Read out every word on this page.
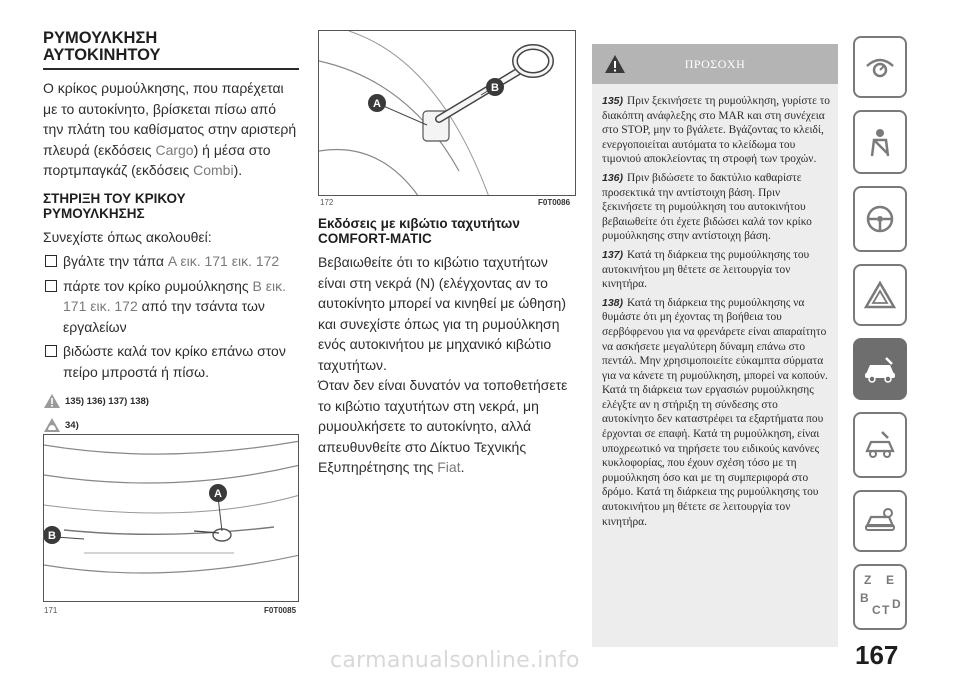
ΡΥΜΟΥΛΚΗΣΗ
ΑΥΤΟΚΙΝΗΤΟΥ

Ο κρίκος ρυμούλκησης, που παρέχεται με το αυτοκίνητο, βρίσκεται πίσω από την πλάτη του καθίσματος στην αριστερή πλευρά (εκδόσεις Cargo) ή μέσα στο πορτμπαγκάζ (εκδόσεις Combi).

ΣΤΗΡΙΞΗ ΤΟΥ ΚΡΙΚΟΥ
ΡΥΜΟΥΛΚΗΣΗΣ

Συνεχίστε όπως ακολουθεί:

βγάλτε την τάπα A εικ. 171 εικ. 172
πάρτε τον κρίκο ρυμούλκησης B εικ. 171 εικ. 172 από την τσάντα των εργαλείων
βιδώστε καλά τον κρίκο επάνω στον πείρο μπροστά ή πίσω.
135) 136) 137) 138)
34)
A
B
171	F0T0085
A
B
172	F0T0086
Εκδόσεις με κιβώτιο ταχυτήτων
COMFORT-MATIC

Βεβαιωθείτε ότι το κιβώτιο ταχυτήτων είναι στη νεκρά (N) (ελέγχοντας αν το αυτοκίνητο μπορεί να κινηθεί με ώθηση) και συνεχίστε όπως για τη ρυμούλκηση ενός αυτοκινήτου με μηχανικό κιβώτιο ταχυτήτων.

Όταν δεν είναι δυνατόν να τοποθετήσετε το κιβώτιο ταχυτήτων στη νεκρά, μη ρυμουλκήσετε το αυτοκίνητο, αλλά απευθυνθείτε στο Δίκτυο Τεχνικής Εξυπηρέτησης της Fiat.

ΠΡΟΣΟΧΗ

135) Πριν ξεκινήσετε τη ρυμούλκηση, γυρίστε το διακόπτη ανάφλεξης στο MAR και στη συνέχεια στο STOP, μην το βγάλετε. Βγάζοντας το κλειδί, ενεργοποιείται αυτόματα το κλείδωμα του τιμονιού αποκλείοντας τη στροφή των τροχών.

136) Πριν βιδώσετε το δακτύλιο καθαρίστε προσεκτικά την αντίστοιχη βάση. Πριν ξεκινήσετε τη ρυμούλκηση του αυτοκινήτου βεβαιωθείτε ότι έχετε βιδώσει καλά τον κρίκο ρυμούλκησης στην αντίστοιχη βάση.

137) Κατά τη διάρκεια της ρυμούλκησης του αυτοκινήτου μη θέτετε σε λειτουργία τον κινητήρα.

138) Κατά τη διάρκεια της ρυμούλκησης να θυμάστε ότι μη έχοντας τη βοήθεια του σερβόφρενου για να φρενάρετε είναι απαραίτητο να ασκήσετε μεγαλύτερη δύναμη επάνω στο πεντάλ. Μην χρησιμοποιείτε εύκαμπτα σύρματα για να κάνετε τη ρυμούλκηση, μπορεί να κοπούν. Κατά τη διάρκεια των εργασιών ρυμούλκησης ελέγξτε αν η στήριξη τη σύνδεσης στο αυτοκίνητο δεν καταστρέφει τα εξαρτήματα που έρχονται σε επαφή. Κατά τη ρυμούλκηση, είναι υποχρεωτικό να τηρήσετε του ειδικούς κανόνες κυκλοφορίας, που έχουν σχέση τόσο με τη ρυμούλκηση όσο και με τη συμπεριφορά στο δρόμο. Κατά τη διάρκεια της ρυμούλκησης του αυτοκινήτου μη θέτετε σε λειτουργία τον κινητήρα.

Z E
B
C T D
167
carmanualsonline.info
